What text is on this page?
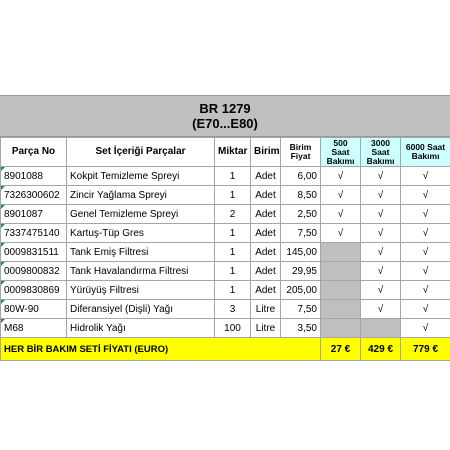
BR 1279
(E70...E80)
Parça No	Set İçeriği Parçalar	Miktar	Birim	Birim Fiyat	500 Saat Bakımı	3000 Saat Bakımı	6000 Saat Bakımı
8901088	Kokpit Temizleme Spreyi	1	Adet	6,00	√	√	√
7326300602	Zincir Yağlama Spreyi	1	Adet	8,50	√	√	√
8901087	Genel Temizleme Spreyi	2	Adet	2,50	√	√	√
7337475140	Kartuş-Tüp Gres	1	Adet	7,50	√	√	√
0009831511	Tank Emiş Filtresi	1	Adet	145,00		√	√
0009800832	Tank Havalandırma Filtresi	1	Adet	29,95		√	√
0009830869	Yürüyüş Filtresi	1	Adet	205,00		√	√
80W-90	Diferansiyel (Dişli) Yağı	3	Litre	7,50		√	√
M68	Hidrolik Yağı	100	Litre	3,50			√
HER BİR BAKIM SETİ FİYATI (EURO)					27 €	429 €	779 €
